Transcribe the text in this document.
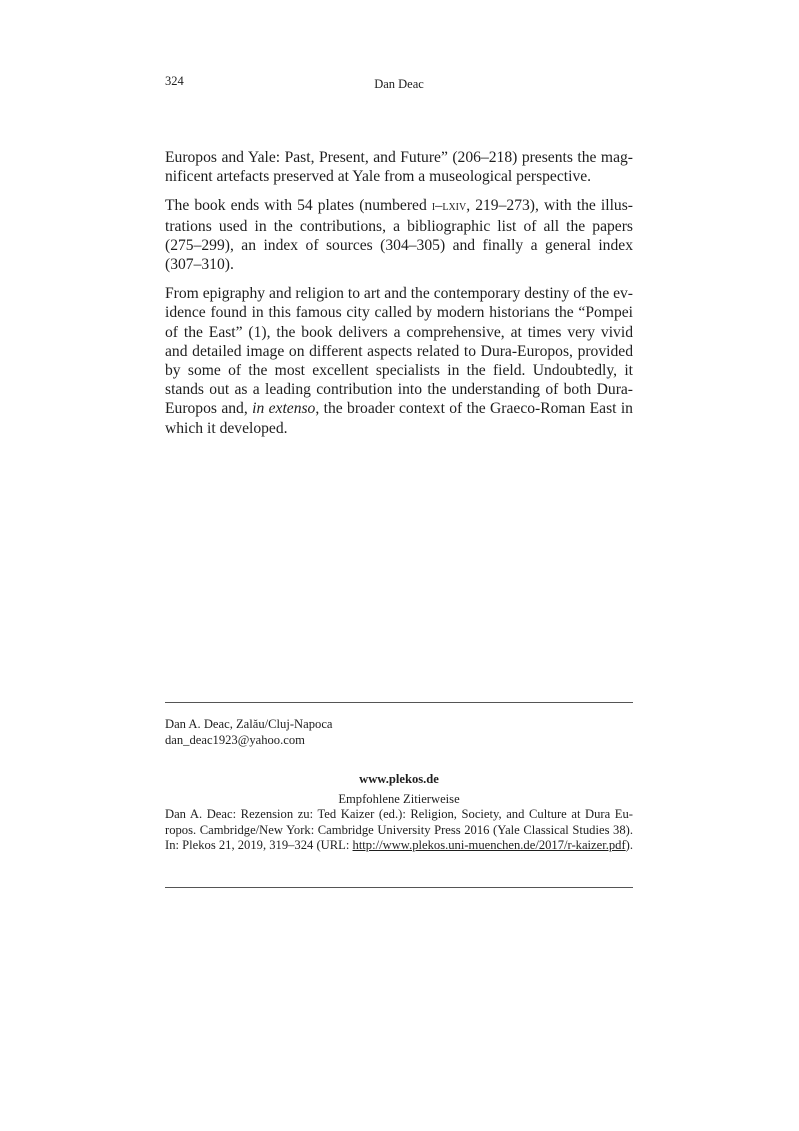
324	Dan Deac

Europos and Yale: Past, Present, and Future” (206–218) presents the magnificent artefacts preserved at Yale from a museological perspective.

The book ends with 54 plates (numbered i–lxiv, 219–273), with the illustrations used in the contributions, a bibliographic list of all the papers (275–299), an index of sources (304–305) and finally a general index (307–310).

From epigraphy and religion to art and the contemporary destiny of the evidence found in this famous city called by modern historians the “Pompei of the East” (1), the book delivers a comprehensive, at times very vivid and detailed image on different aspects related to Dura-Europos, provided by some of the most excellent specialists in the field. Undoubtedly, it stands out as a leading contribution into the understanding of both Dura-Europos and, in extenso, the broader context of the Graeco-Roman East in which it developed.

Dan A. Deac, Zalău/Cluj-Napoca
dan_deac1923@yahoo.com
www.plekos.de
Empfohlene Zitierweise
Dan A. Deac: Rezension zu: Ted Kaizer (ed.): Religion, Society, and Culture at Dura Europos. Cambridge/New York: Cambridge University Press 2016 (Yale Classical Studies 38). In: Plekos 21, 2019, 319–324 (URL: http://www.plekos.uni-muenchen.de/2017/r-kaizer.pdf).
